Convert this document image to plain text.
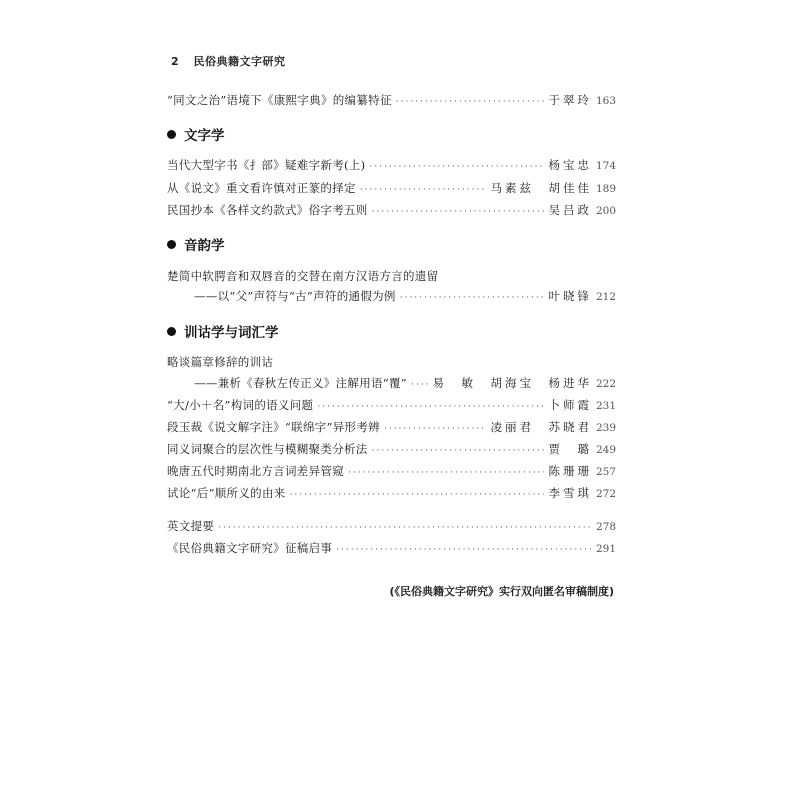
2 民俗典籍文字研究
“同文之治”语境下《康熙字典》的编纂特征 ·····	于翠玲 163
文字学
当代大型字书《扌部》疑难字新考(上) ·····	杨宝忠 174
从《说文》重文看许慎对正篆的择定 ·····	马素兹　胡佳佳 189
民国抄本《各样文约款式》俗字考五则 ·····	吴吕政 200
音韵学
楚简中软腭音和双唇音的交替在南方汉语方言的遗留
——以“父”声符与“古”声符的通假为例 ·····	叶晓锋 212
训诂学与词汇学
略谈篇章修辞的训诂
——兼析《春秋左传正义》注解用语“覆” ····· 易　敏　胡海宝　杨进华 222
“大/小＋名”构词的语义问题 ·····	卜师霞 231
段玉裁《说文解字注》“联绵字”异形考辨 ·····	凌丽君　苏晓君 239
同义词聚合的层次性与模糊聚类分析法 ·····	贾　璐 249
晚唐五代时期南北方言词差异管窥 ·····	陈珊珊 257
试论“后”顺所义的由来 ·····	李雪琪 272
英文提要 ·····	278
《民俗典籍文字研究》征稿启事 ·····	291
(《民俗典籍文字研究》实行双向匿名审稿制度)
